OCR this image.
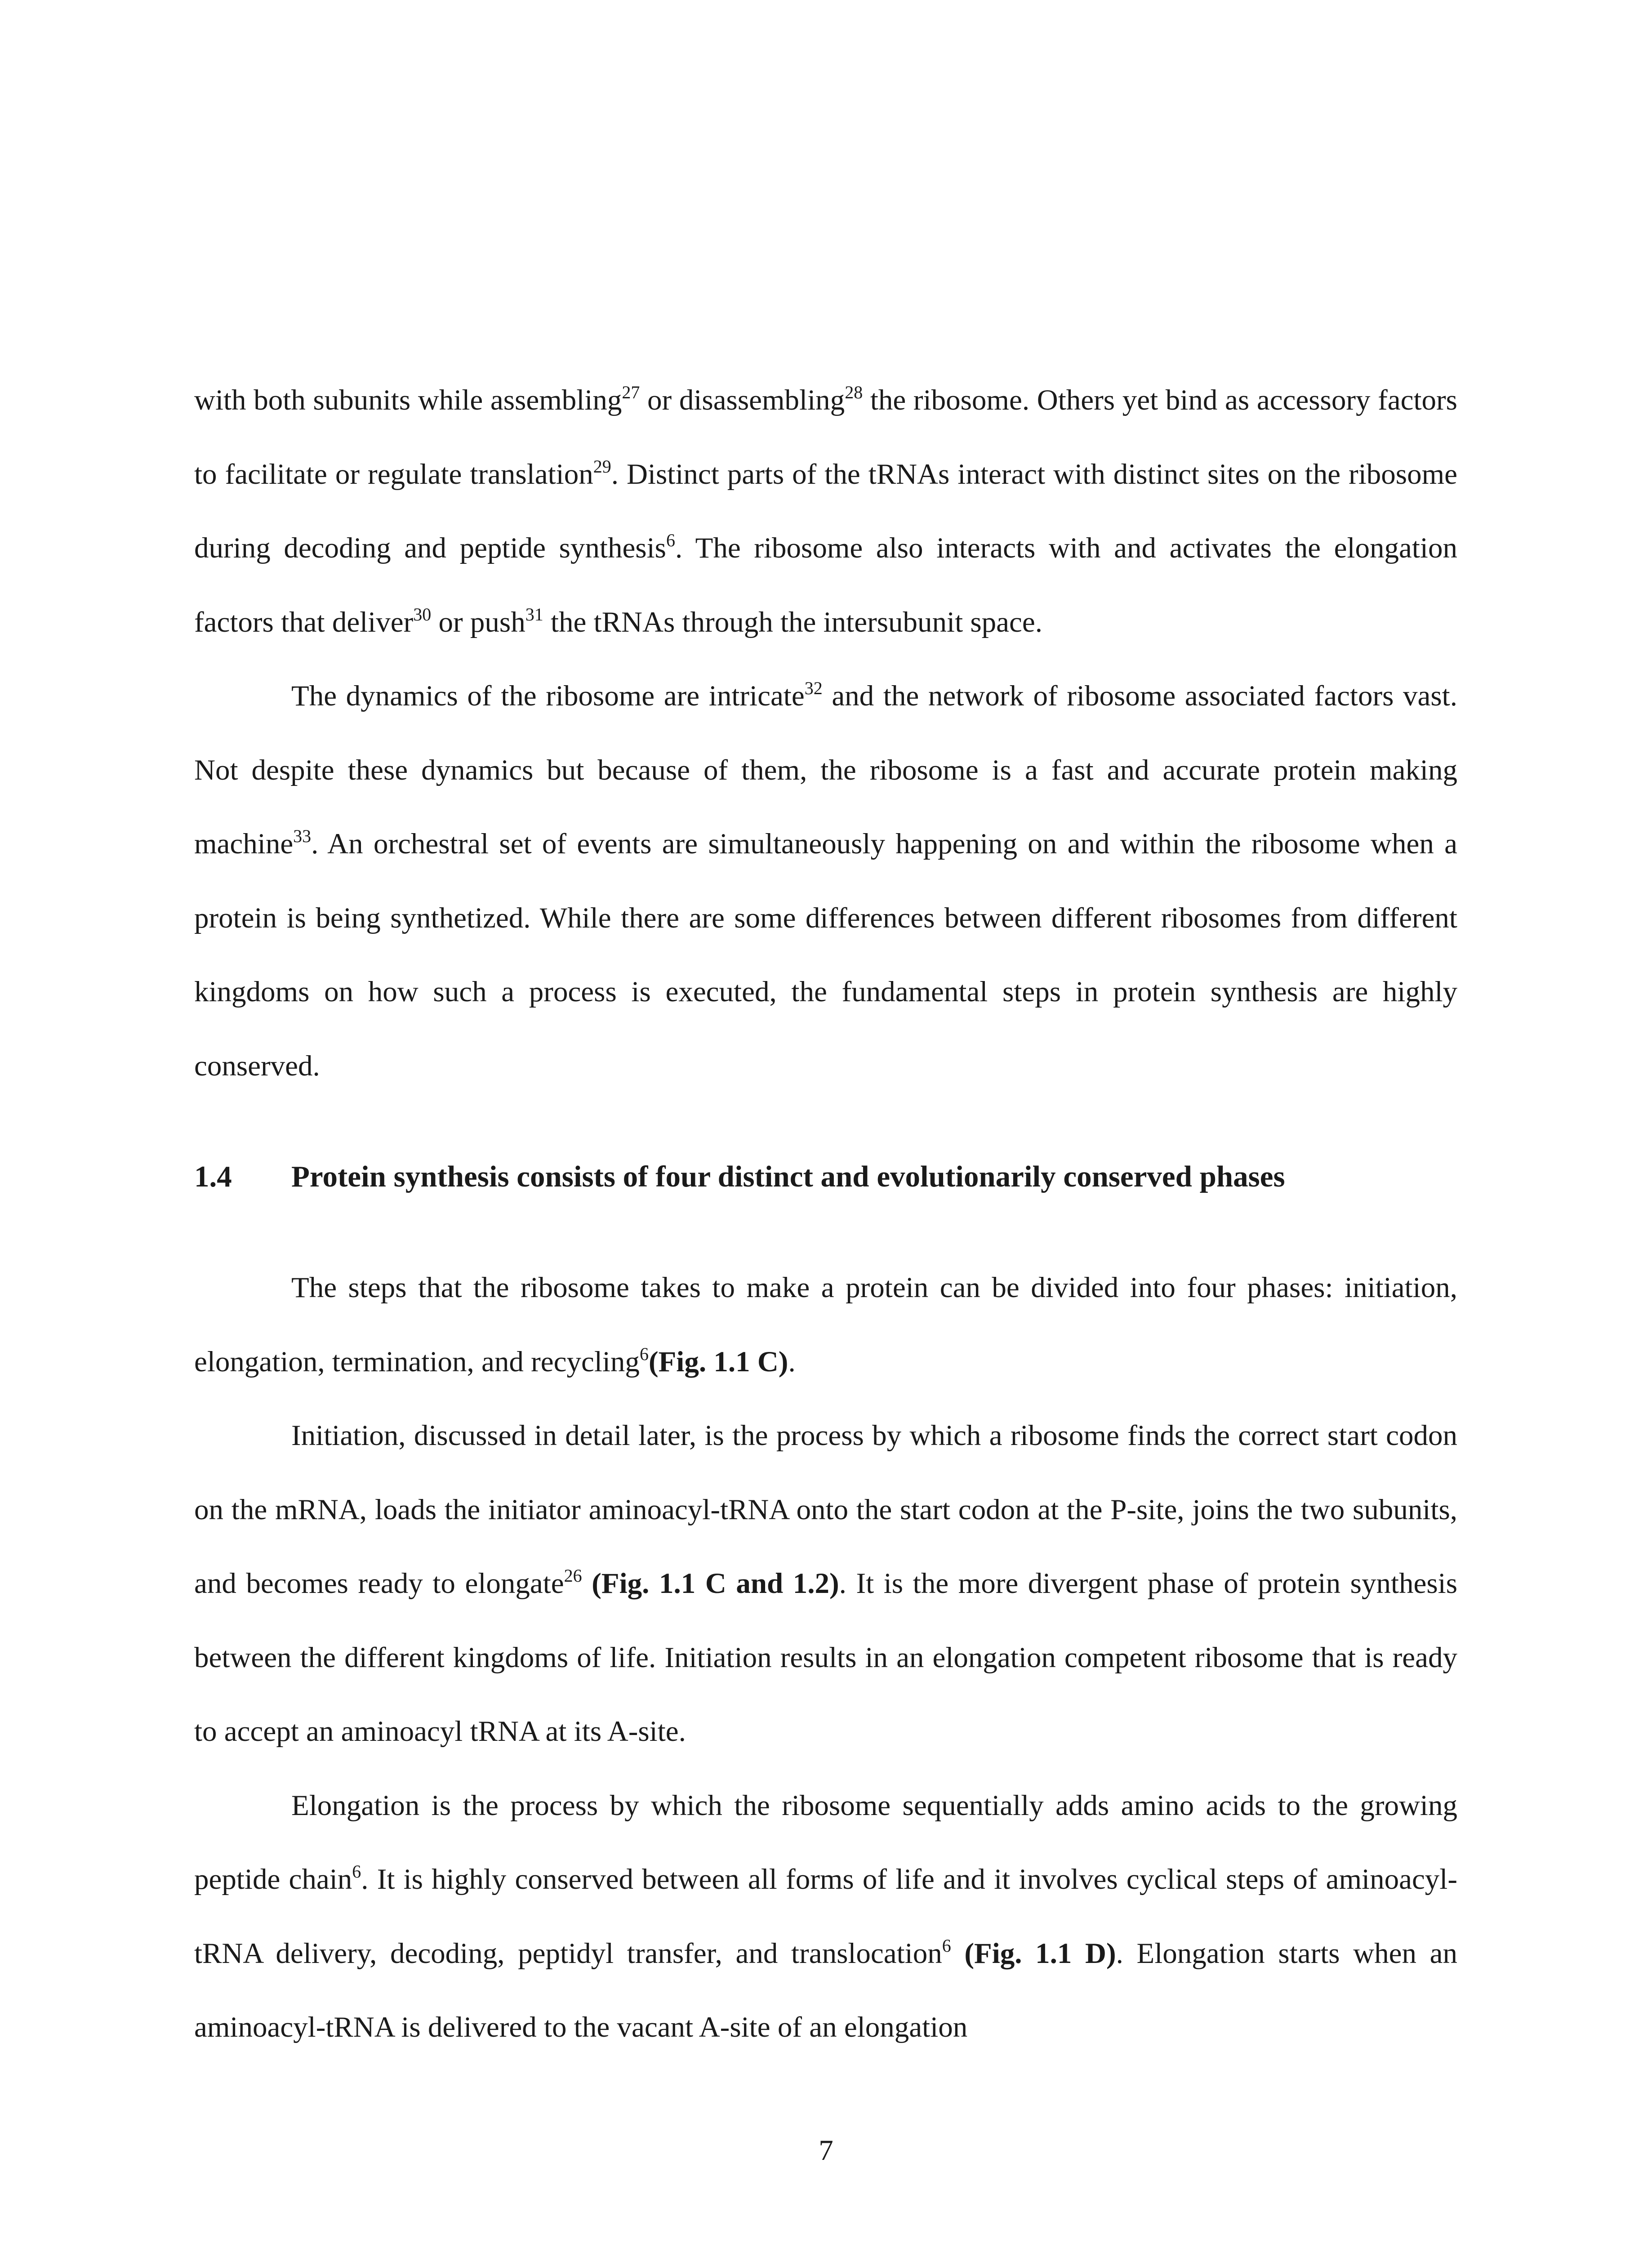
with both subunits while assembling$^{27}$ or disassembling$^{28}$ the ribosome. Others yet bind as accessory factors to facilitate or regulate translation$^{29}$. Distinct parts of the tRNAs interact with distinct sites on the ribosome during decoding and peptide synthesis$^6$. The ribosome also interacts with and activates the elongation factors that deliver$^{30}$ or push$^{31}$ the tRNAs through the intersubunit space.

The dynamics of the ribosome are intricate$^{32}$ and the network of ribosome associated factors vast. Not despite these dynamics but because of them, the ribosome is a fast and accurate protein making machine$^{33}$. An orchestral set of events are simultaneously happening on and within the ribosome when a protein is being synthetized. While there are some differences between different ribosomes from different kingdoms on how such a process is executed, the fundamental steps in protein synthesis are highly conserved.

1.4	Protein synthesis consists of four distinct and evolutionarily conserved phases

The steps that the ribosome takes to make a protein can be divided into four phases: initiation, elongation, termination, and recycling$^6$(Fig. 1.1 C).

Initiation, discussed in detail later, is the process by which a ribosome finds the correct start codon on the mRNA, loads the initiator aminoacyl-tRNA onto the start codon at the P-site, joins the two subunits, and becomes ready to elongate$^{26}$ (Fig. 1.1 C and 1.2). It is the more divergent phase of protein synthesis between the different kingdoms of life. Initiation results in an elongation competent ribosome that is ready to accept an aminoacyl tRNA at its A-site.

Elongation is the process by which the ribosome sequentially adds amino acids to the growing peptide chain$^6$. It is highly conserved between all forms of life and it involves cyclical steps of aminoacyl-tRNA delivery, decoding, peptidyl transfer, and translocation$^6$ (Fig. 1.1 D). Elongation starts when an aminoacyl-tRNA is delivered to the vacant A-site of an elongation

7
